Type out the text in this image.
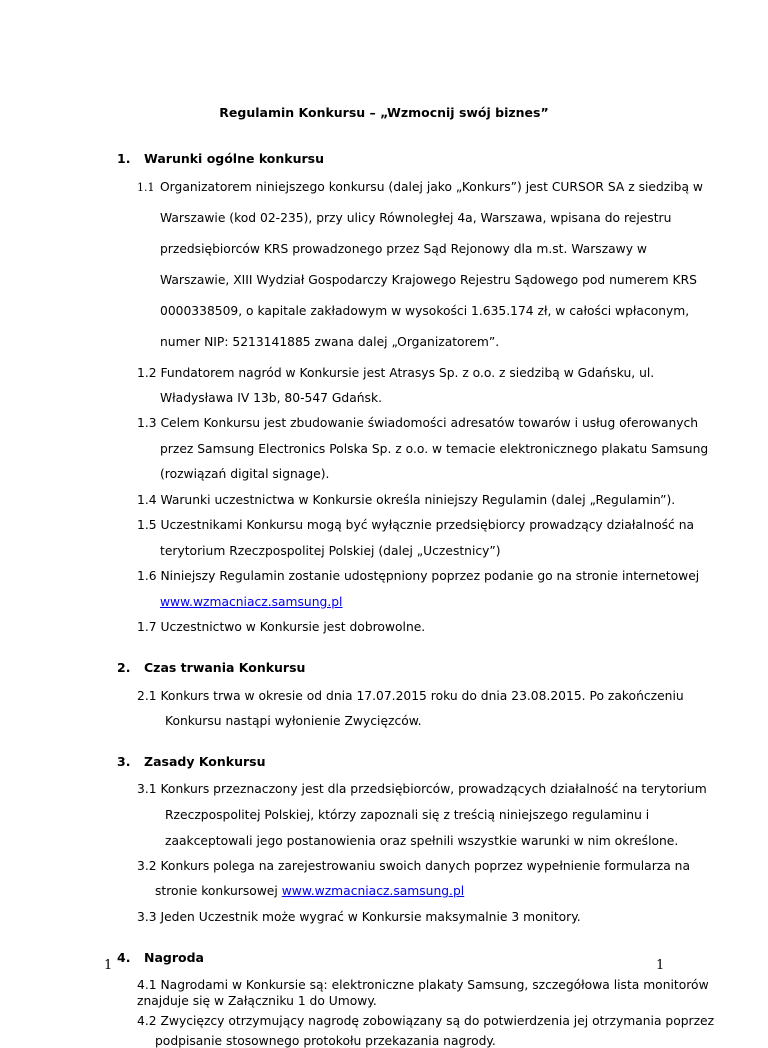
Regulamin Konkursu – „Wzmocnij swój biznes”
1. Warunki ogólne konkursu
1.1 Organizatorem niniejszego konkursu (dalej jako „Konkurs”) jest CURSOR SA z siedzibą w
Warszawie (kod 02-235), przy ulicy Równoległej 4a, Warszawa, wpisana do rejestru
przedsiębiorców KRS prowadzonego przez Sąd Rejonowy dla m.st. Warszawy w
Warszawie, XIII Wydział Gospodarczy Krajowego Rejestru Sądowego pod numerem KRS
0000338509, o kapitale zakładowym w wysokości 1.635.174 zł, w całości wpłaconym,
numer NIP: 5213141885 zwana dalej „Organizatorem”.
1.2 Fundatorem nagród w Konkursie jest Atrasys Sp. z o.o. z siedzibą w Gdańsku, ul.
Władysława IV 13b, 80-547 Gdańsk.
1.3 Celem Konkursu jest zbudowanie świadomości adresatów towarów i usług oferowanych
przez Samsung Electronics Polska Sp. z o.o. w temacie elektronicznego plakatu Samsung
(rozwiązań digital signage).
1.4 Warunki uczestnictwa w Konkursie określa niniejszy Regulamin (dalej „Regulamin”).
1.5 Uczestnikami Konkursu mogą być wyłącznie przedsiębiorcy prowadzący działalność na
terytorium Rzeczpospolitej Polskiej (dalej „Uczestnicy”)
1.6 Niniejszy Regulamin zostanie udostępniony poprzez podanie go na stronie internetowej
www.wzmacniacz.samsung.pl
1.7 Uczestnictwo w Konkursie jest dobrowolne.
2. Czas trwania Konkursu
2.1 Konkurs trwa w okresie od dnia 17.07.2015 roku do dnia 23.08.2015. Po zakończeniu
Konkursu nastąpi wyłonienie Zwycięzców.
3. Zasady Konkursu
3.1 Konkurs przeznaczony jest dla przedsiębiorców, prowadzących działalność na terytorium
Rzeczpospolitej Polskiej, którzy zapoznali się z treścią niniejszego regulaminu i
zaakceptowali jego postanowienia oraz spełnili wszystkie warunki w nim określone.
3.2 Konkurs polega na zarejestrowaniu swoich danych poprzez wypełnienie formularza na
stronie konkursowej www.wzmacniacz.samsung.pl
3.3 Jeden Uczestnik może wygrać w Konkursie maksymalnie 3 monitory.
4. Nagroda
4.1 Nagrodami w Konkursie są: elektroniczne plakaty Samsung, szczegółowa lista monitorów
1	1
znajduje się w Załączniku 1 do Umowy.
4.2 Zwycięzcy otrzymujący nagrodę zobowiązany są do potwierdzenia jej otrzymania poprzez
podpisanie stosownego protokołu przekazania nagrody.
